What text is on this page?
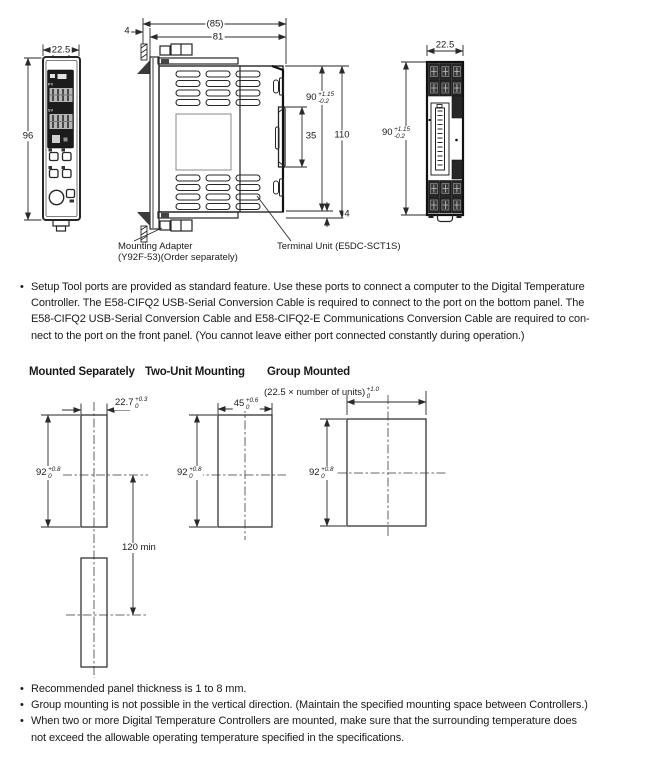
22.5
96
PV
SV
(85)
81
4
90 +1.15
-0.2
35 110
4
22.5
90 +1.15
-0.2
Mounting Adapter
(Y92F-53)(Order separately)
Terminal Unit (E5DC-SCT1S)
• Setup Tool ports are provided as standard feature. Use these ports to connect a computer to the Digital Temperature
Controller. The E58-CIFQ2 USB-Serial Conversion Cable is required to connect to the port on the bottom panel. The
E58-CIFQ2 USB-Serial Conversion Cable and E58-CIFQ2-E Communications Conversion Cable are required to con-
nect to the port on the front panel. (You cannot leave either port connected constantly during operation.)
Mounted Separately Two-Unit Mounting Group Mounted
22.7 +0.3
0
92 +0.8
0
120 min
45 +0.6
0
92 +0.8
0
(22.5 × number of units) +1.0
0
92 +0.8
0
• Recommended panel thickness is 1 to 8 mm.
• Group mounting is not possible in the vertical direction. (Maintain the specified mounting space between Controllers.)
• When two or more Digital Temperature Controllers are mounted, make sure that the surrounding temperature does
not exceed the allowable operating temperature specified in the specifications.
